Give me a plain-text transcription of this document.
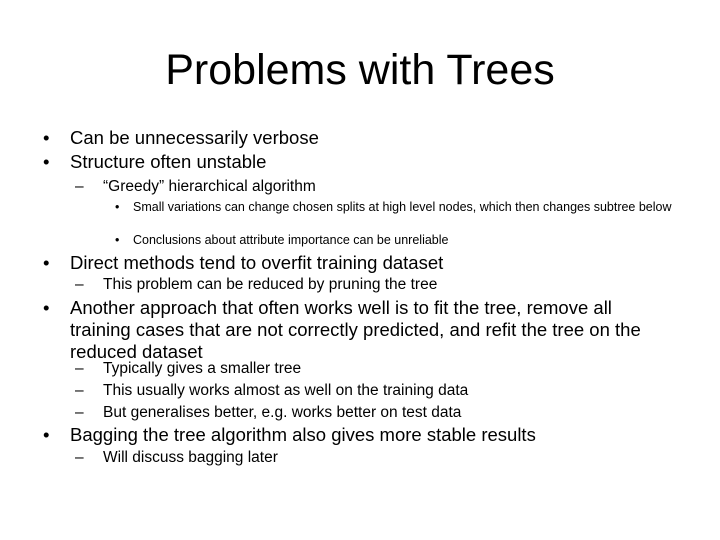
Problems with Trees
• Can be unnecessarily verbose
• Structure often unstable
– “Greedy” hierarchical algorithm
• Small variations can change chosen splits at high level nodes, which then changes subtree below
• Conclusions about attribute importance can be unreliable
• Direct methods tend to overfit training dataset
– This problem can be reduced by pruning the tree
• Another approach that often works well is to fit the tree, remove all training cases that are not correctly predicted, and refit the tree on the reduced dataset
– Typically gives a smaller tree
– This usually works almost as well on the training data
– But generalises better, e.g. works better on test data
• Bagging the tree algorithm also gives more stable results
– Will discuss bagging later
